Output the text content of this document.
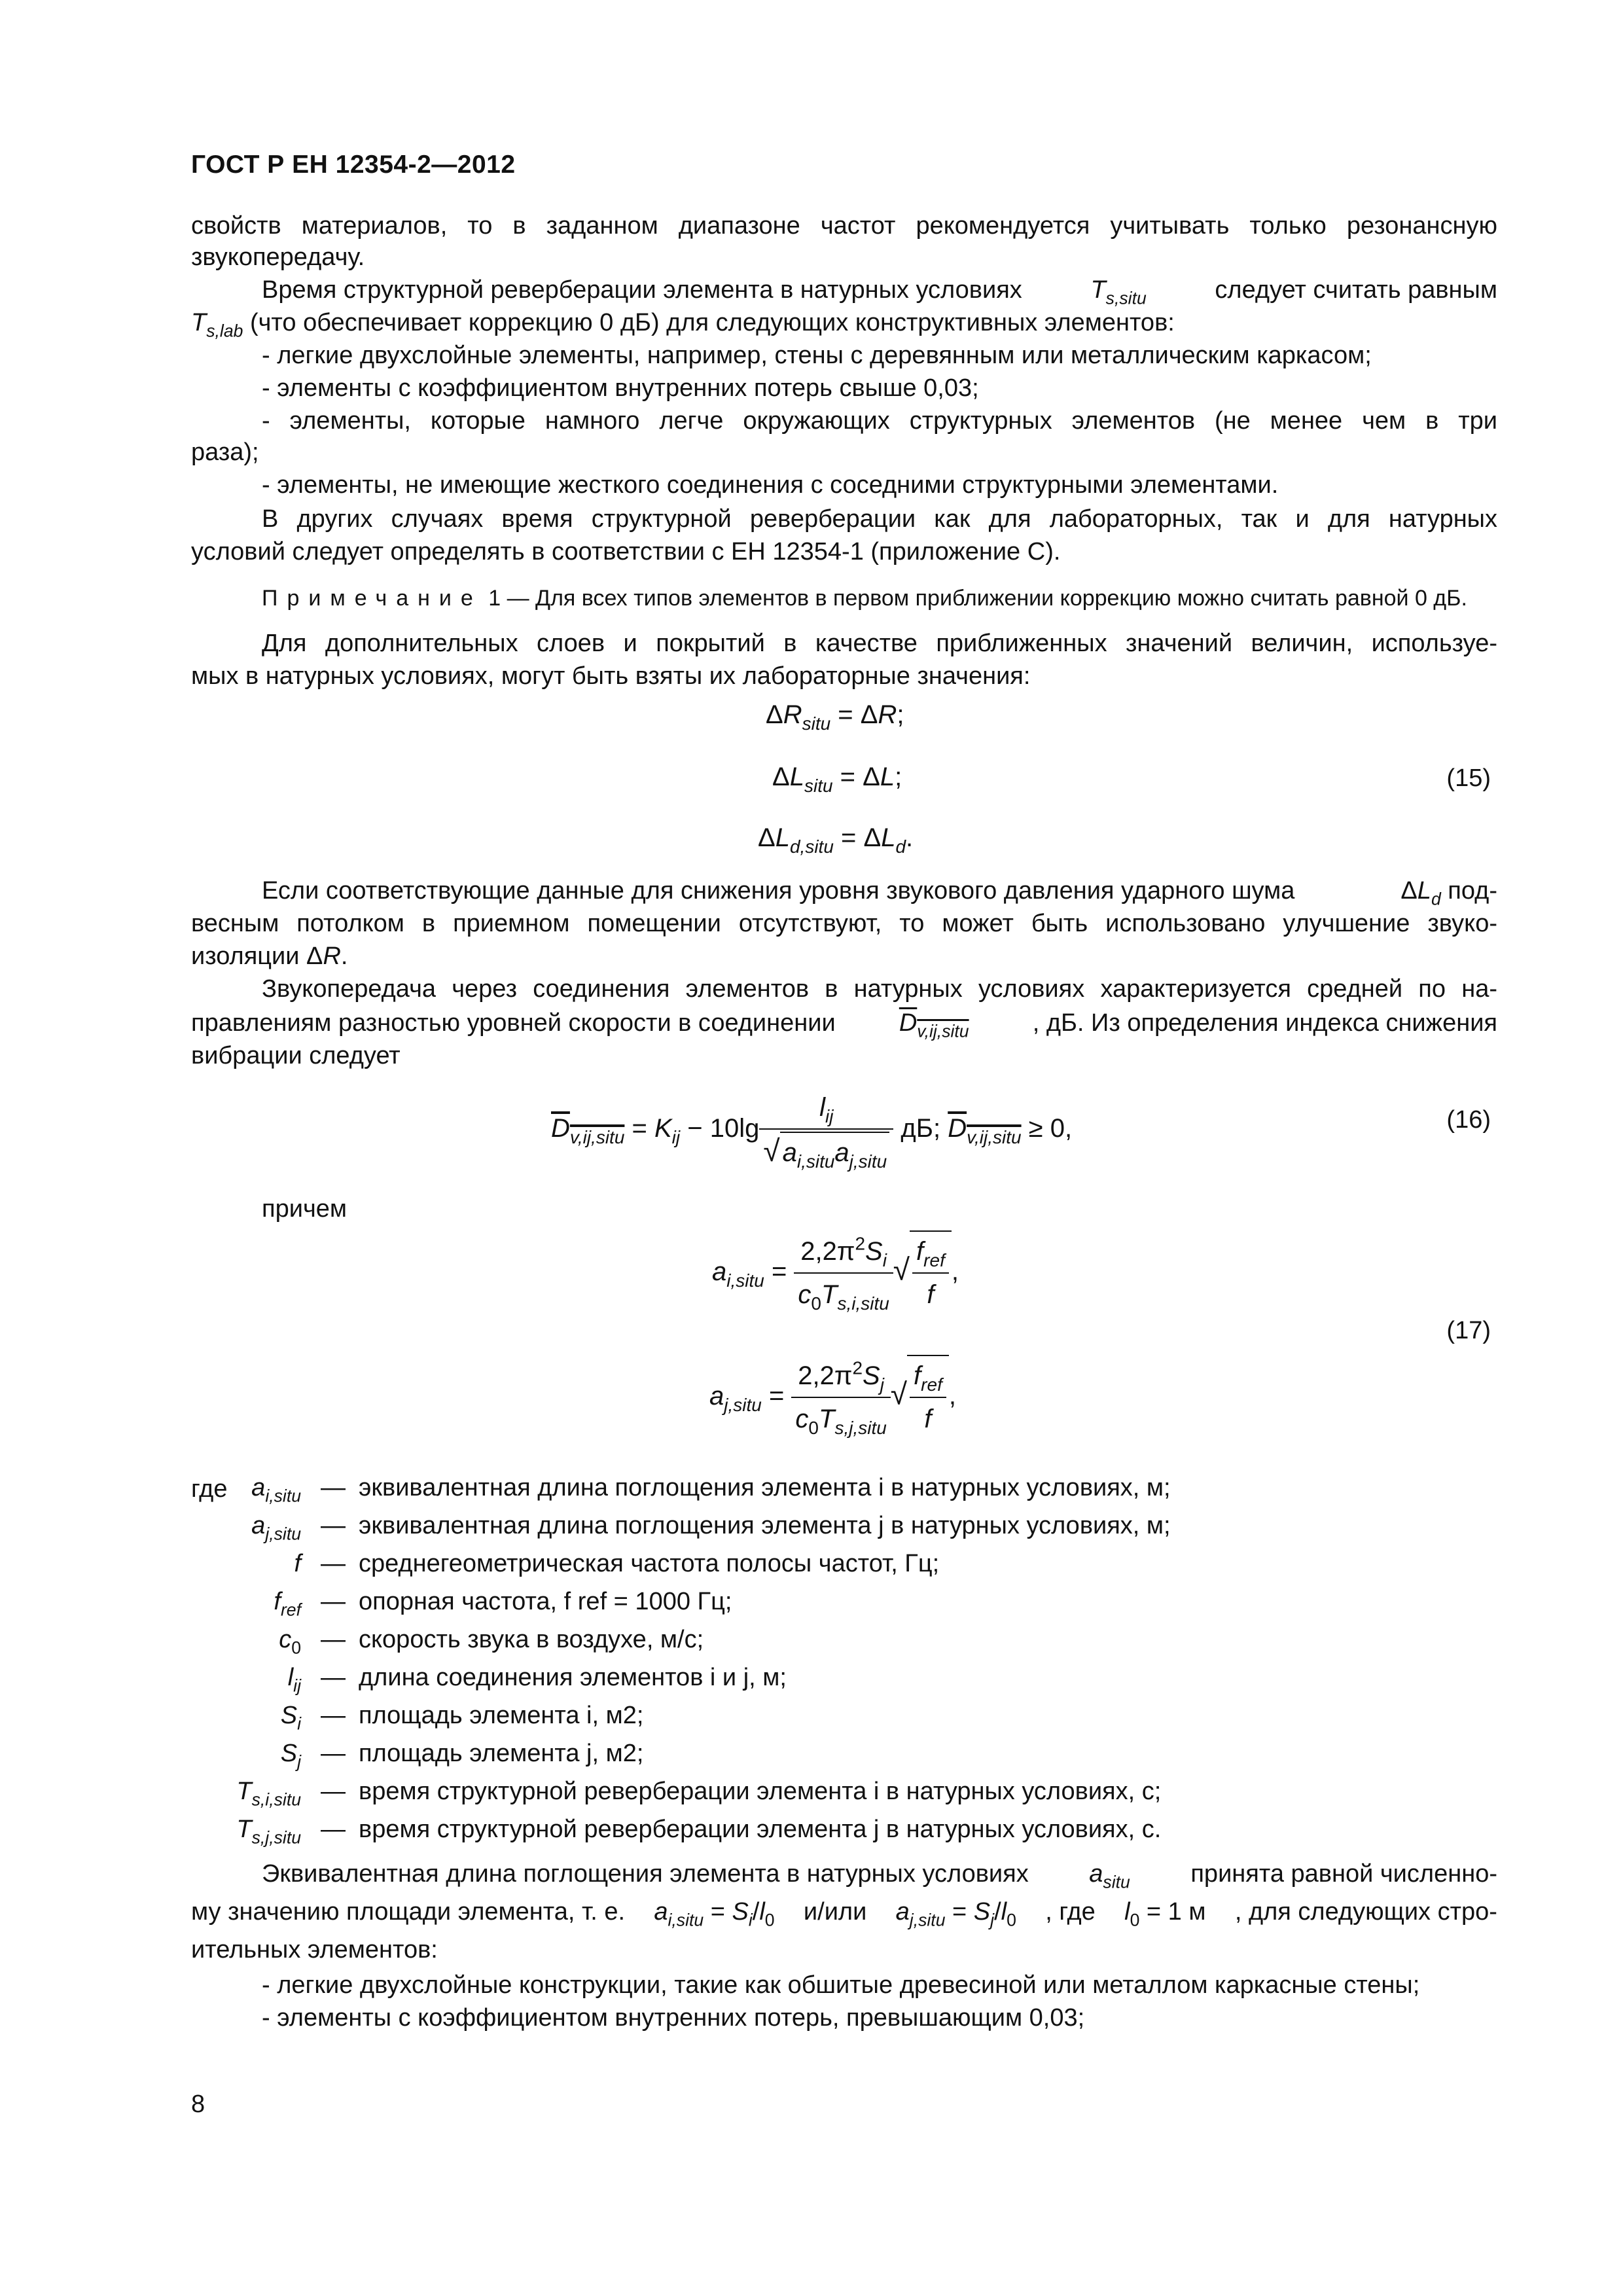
ГОСТ Р ЕН 12354-2—2012
свойств материалов, то в заданном диапазоне частот рекомендуется учитывать только резонансную
звукопередачу.
Время структурной реверберации элемента в натурных условиях	$T_{s,situ}$	следует считать равным
$T_{s,lab}$ (что обеспечивает коррекцию 0 дБ) для следующих конструктивных элементов:
- легкие двухслойные элементы, например, стены с деревянным или металлическим каркасом;
- элементы с коэффициентом внутренних потерь свыше 0,03;
- элементы, которые намного легче окружающих структурных элементов (не менее чем в три
раза);
- элементы, не имеющие жесткого соединения с соседними структурными элементами.
В других случаях время структурной реверберации как для лабораторных, так и для натурных
условий следует определять в соответствии с ЕН 12354-1 (приложение С).
Примечание 1 — Для всех типов элементов в первом приближении коррекцию можно считать равной 0 дБ.
Для дополнительных слоев и покрытий в качестве приближенных значений величин, используе-
мых в натурных условиях, могут быть взяты их лабораторные значения:
$\Delta R_{situ} = \Delta R$;
$\Delta L_{situ} = \Delta L$;	(15)
$\Delta L_{d,situ} = \Delta L_d$.
Если соответствующие данные для снижения уровня звукового давления ударного шума	$\Delta L_d$ под-
весным потолком в приемном помещении отсутствуют, то может быть использовано улучшение звуко-
изоляции ΔR.
Звукопередача через соединения элементов в натурных условиях характеризуется средней по на-
правлениям разностью уровней скорости в соединении	$D_{v,ij,situ}$	, дБ. Из определения индекса снижения
вибрации следует
$D_{v,ij,situ} = K_{ij} - 10\lg \frac{l_{ij}}{√ a_{i,situ}a_{j,situ}}$ дБ; $D_{v,ij,situ} \ge 0$,	(16)
причем
$a_{i,situ} = \frac{2,2\pi^2S_i}{c_0T_{s,i,situ}}$ √ $\frac{f_{ref}}{f}$ ,
(17)
$a_{j,situ} = \frac{2,2\pi^2S_j}{c_0T_{s,j,situ}}$ √ $\frac{f_{ref}}{f}$ ,
где $a_{i,situ}$ — эквивалентная длина поглощения элемента i в натурных условиях, м;
$a_{j,situ}$ — эквивалентная длина поглощения элемента j в натурных условиях, м;
f — среднегеометрическая частота полосы частот, Гц;
$f_{ref}$ — опорная частота, f ref = 1000 Гц;
$c_0$ — скорость звука в воздухе, м/с;
$l_{ij}$ — длина соединения элементов i и j, м;
$S_i$ — площадь элемента i, м2;
$S_j$ — площадь элемента j, м2;
$T_{s,i,situ}$ — время структурной реверберации элемента i в натурных условиях, с;
$T_{s,j,situ}$ — время структурной реверберации элемента j в натурных условиях, с.
Эквивалентная длина поглощения элемента в натурных условиях $a_{situ}$ принята равной численно-
му значению площади элемента, т. е. $a_{i,situ} = S_i/l_0$ и/или $a_{j,situ} = S_j/l_0$ , где $l_0 = 1$ м , для следующих стро-
ительных элементов:
- легкие двухслойные конструкции, такие как обшитые древесиной или металлом каркасные стены;
- элементы с коэффициентом внутренних потерь, превышающим 0,03;
8
